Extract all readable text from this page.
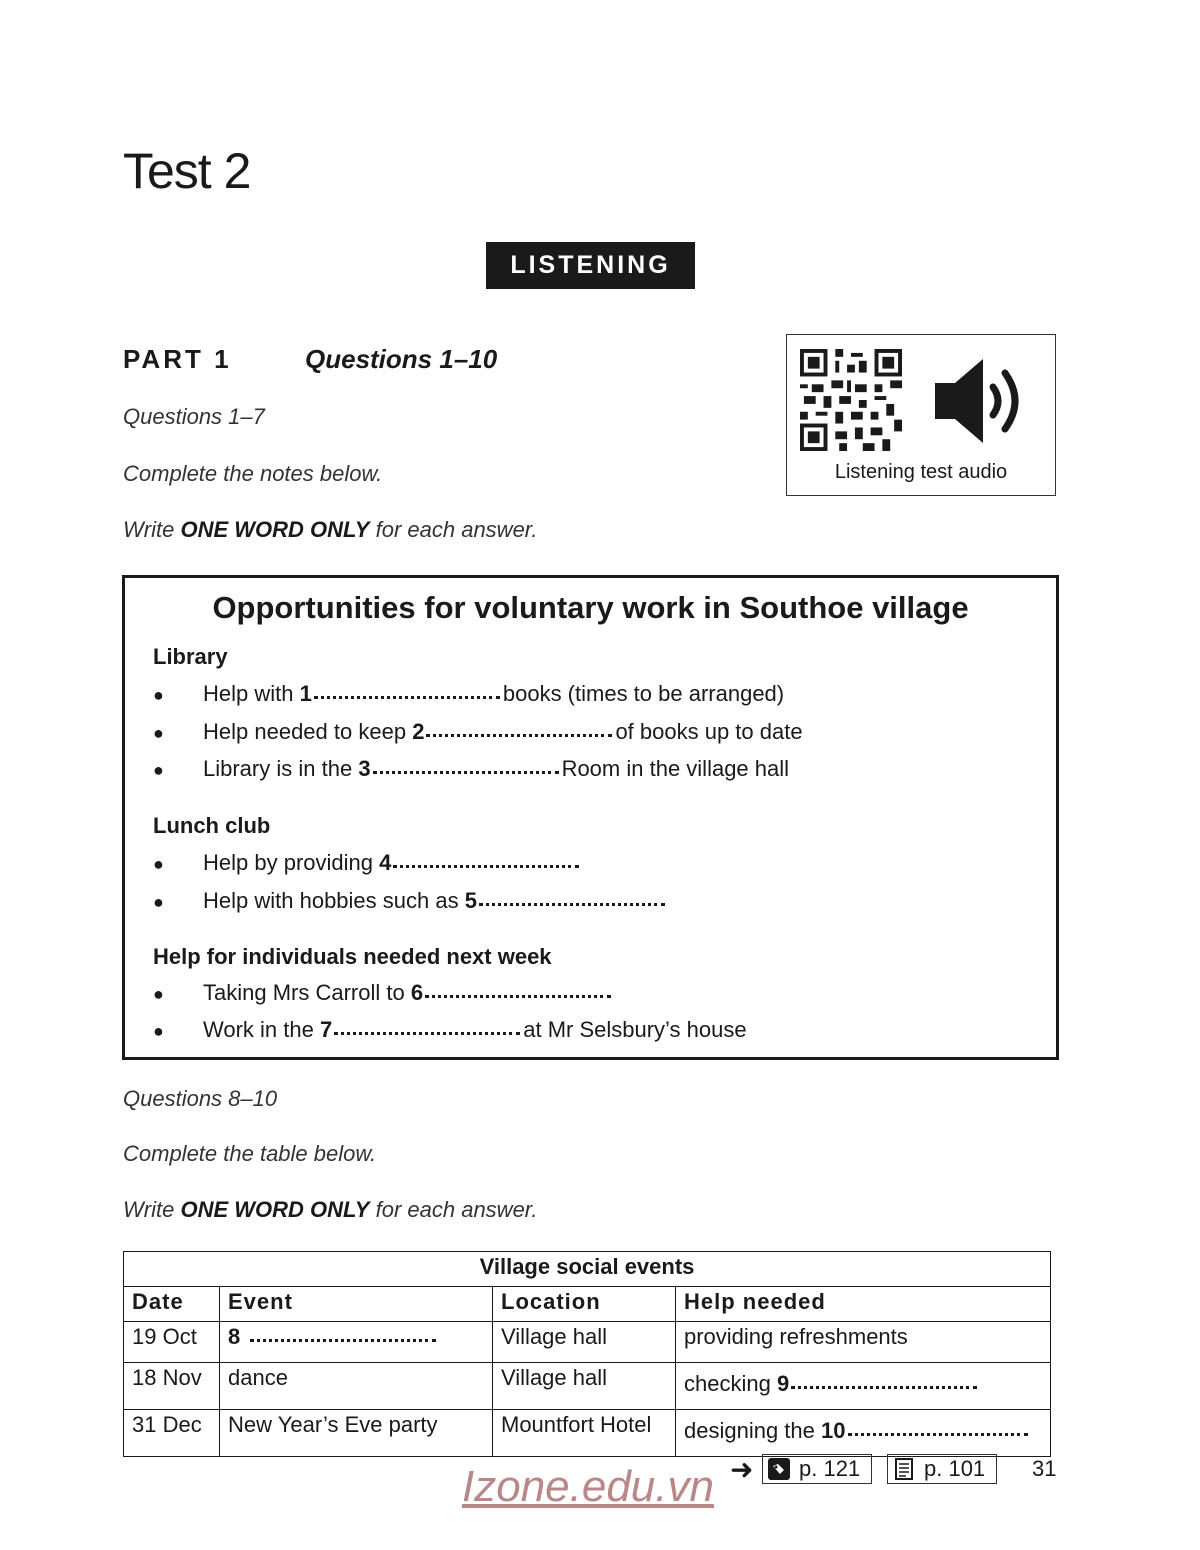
Test 2
LISTENING
PART 1	Questions 1–10
Questions 1–7
Complete the notes below.
Write ONE WORD ONLY for each answer.
Listening test audio
Opportunities for voluntary work in Southoe village
Library
● Help with 1	books (times to be arranged)
● Help needed to keep 2	of books up to date
● Library is in the 3	Room in the village hall
Lunch club
● Help by providing 4
● Help with hobbies such as 5
Help for individuals needed next week
● Taking Mrs Carroll to 6
● Work in the 7	at Mr Selsbury’s house
Questions 8–10
Complete the table below.
Write ONE WORD ONLY for each answer.
Village social events			
Date	Event	Location	Help needed
19 Oct	8	Village hall	providing refreshments
18 Nov	dance	Village hall	checking 9
31 Dec	New Year’s Eve party	Mountfort Hotel	designing the 10
➜	p. 121	p. 101	31
Izone.edu.vn
